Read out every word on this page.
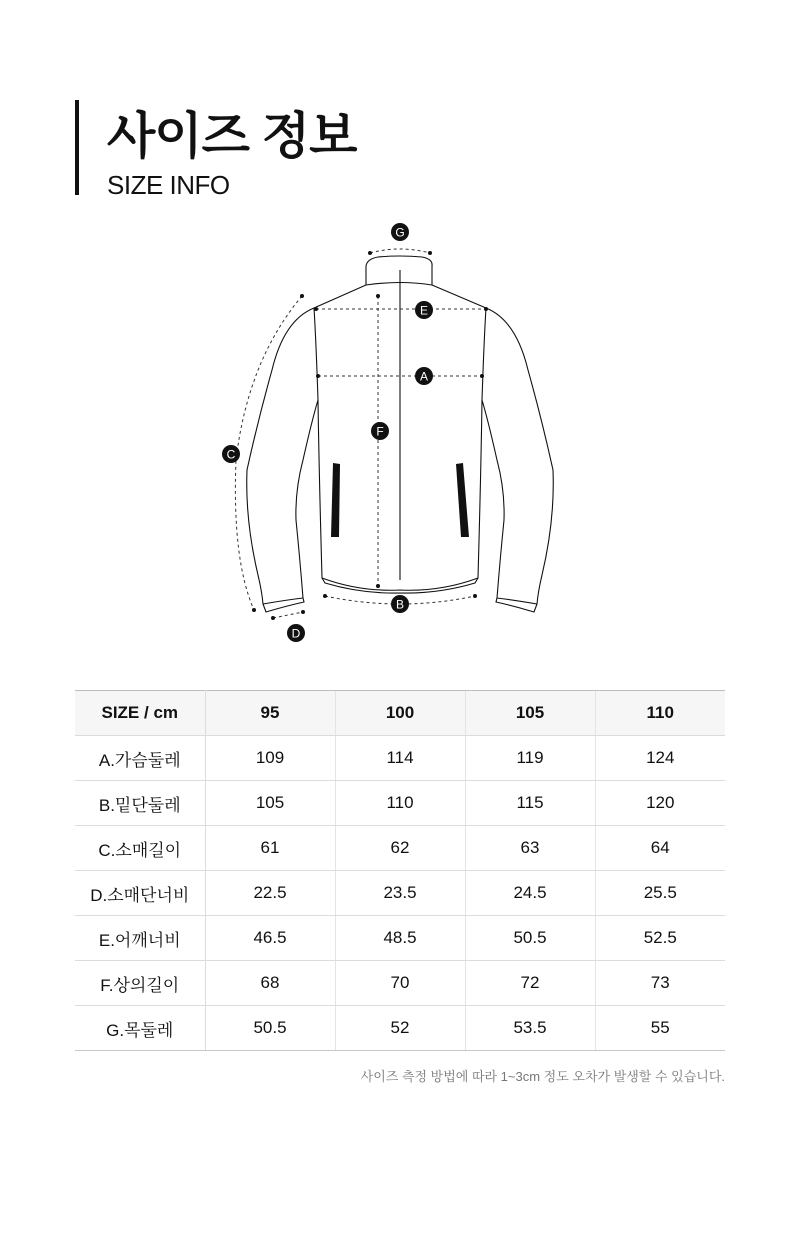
사이즈 정보
SIZE INFO
G
E
A
F
C
B
D
SIZE / cm	95	100	105	110
A.가슴둘레	109	114	119	124
B.밑단둘레	105	110	115	120
C.소매길이	61	62	63	64
D.소매단너비	22.5	23.5	24.5	25.5
E.어깨너비	46.5	48.5	50.5	52.5
F.상의길이	68	70	72	73
G.목둘레	50.5	52	53.5	55
사이즈 측정 방법에 따라 1~3cm 정도 오차가 발생할 수 있습니다.
